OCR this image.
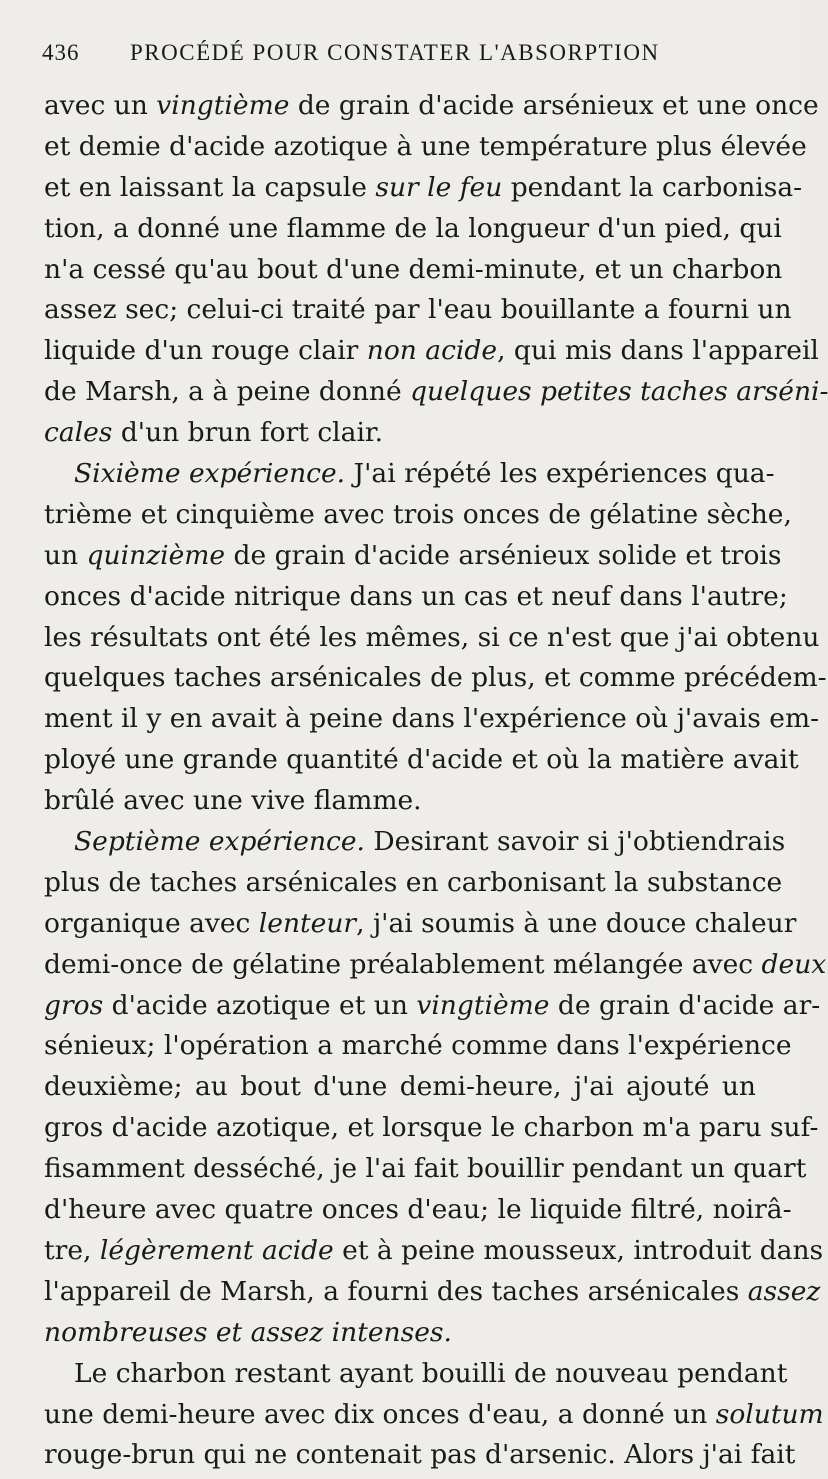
436 PROCÉDÉ POUR CONSTATER L'ABSORPTION
avec un vingtième de grain d'acide arsénieux et une once
et demie d'acide azotique à une température plus élevée
et en laissant la capsule sur le feu pendant la carbonisa-
tion, a donné une flamme de la longueur d'un pied, qui
n'a cessé qu'au bout d'une demi-minute, et un charbon
assez sec; celui-ci traité par l'eau bouillante a fourni un
liquide d'un rouge clair non acide, qui mis dans l'appareil
de Marsh, a à peine donné quelques petites taches arséni-
cales d'un brun fort clair.
Sixième expérience. J'ai répété les expériences qua-
trième et cinquième avec trois onces de gélatine sèche,
un quinzième de grain d'acide arsénieux solide et trois
onces d'acide nitrique dans un cas et neuf dans l'autre;
les résultats ont été les mêmes, si ce n'est que j'ai obtenu
quelques taches arsénicales de plus, et comme précédem-
ment il y en avait à peine dans l'expérience où j'avais em-
ployé une grande quantité d'acide et où la matière avait
brûlé avec une vive flamme.
Septième expérience. Desirant savoir si j'obtiendrais
plus de taches arsénicales en carbonisant la substance
organique avec lenteur, j'ai soumis à une douce chaleur
demi-once de gélatine préalablement mélangée avec deux
gros d'acide azotique et un vingtième de grain d'acide ar-
sénieux; l'opération a marché comme dans l'expérience
deuxième; au bout d'une demi-heure, j'ai ajouté un
gros d'acide azotique, et lorsque le charbon m'a paru suf-
fisamment desséché, je l'ai fait bouillir pendant un quart
d'heure avec quatre onces d'eau; le liquide filtré, noirâ-
tre, légèrement acide et à peine mousseux, introduit dans
l'appareil de Marsh, a fourni des taches arsénicales assez
nombreuses et assez intenses.
Le charbon restant ayant bouilli de nouveau pendant
une demi-heure avec dix onces d'eau, a donné un solutum
rouge-brun qui ne contenait pas d'arsenic. Alors j'ai fait
